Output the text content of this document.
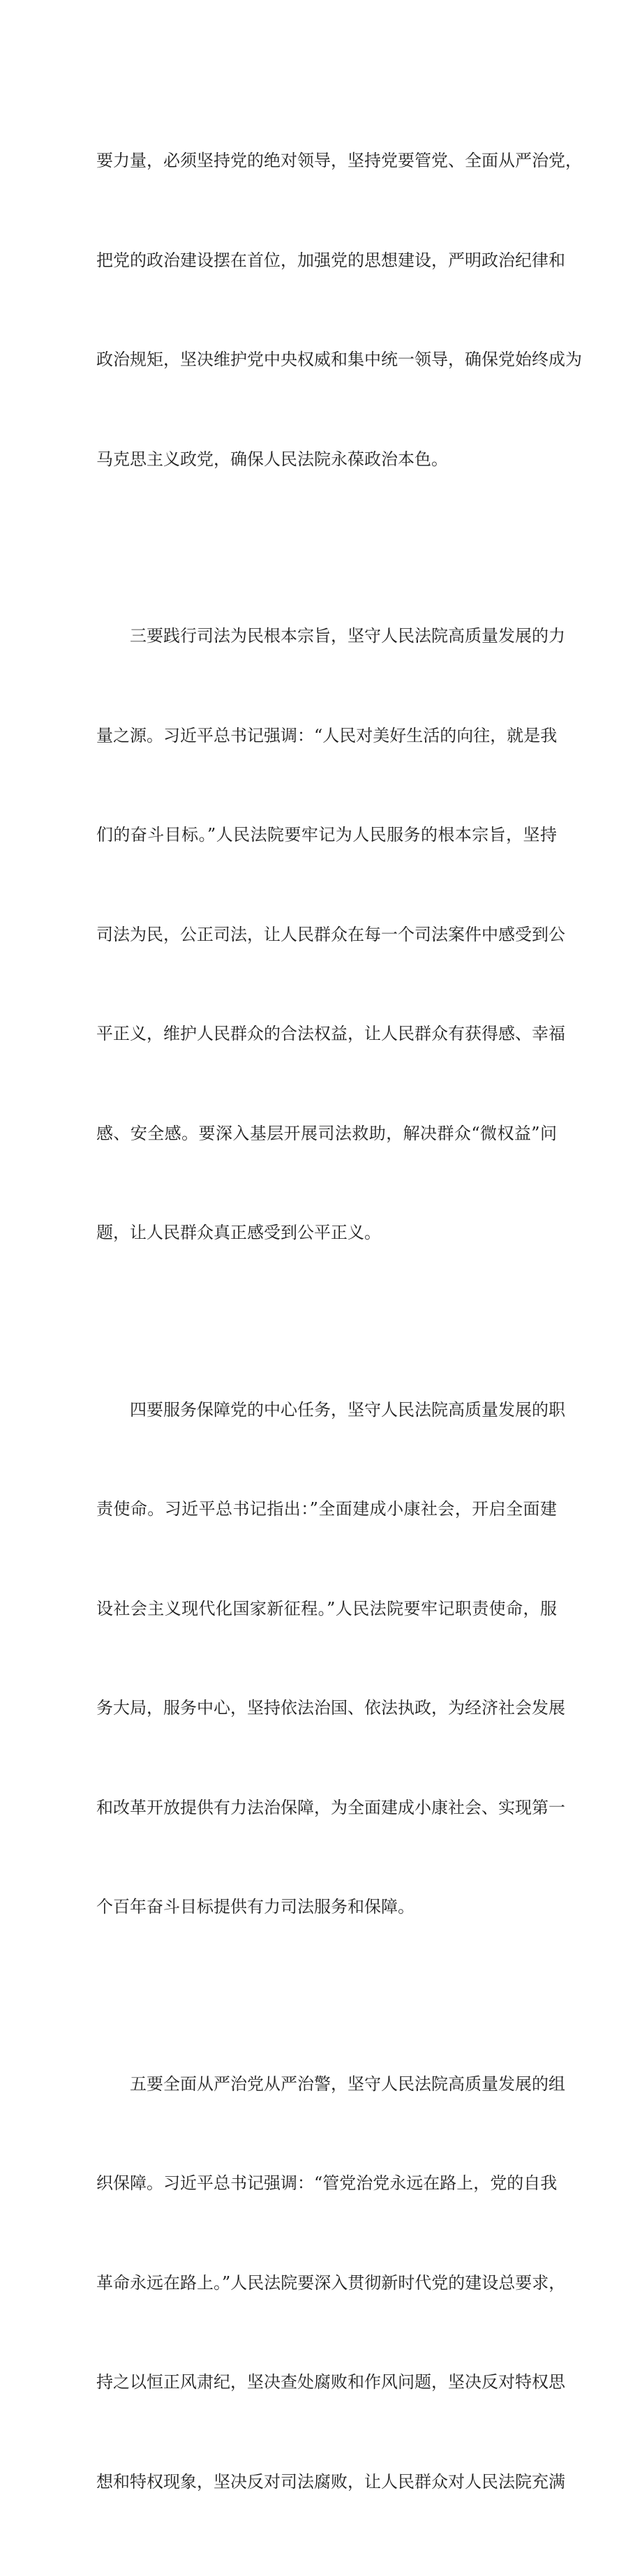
要力量，必须坚持党的绝对领导，坚持党要管党、全面从严治党，

把党的政治建设摆在首位，加强党的思想建设，严明政治纪律和

政治规矩，坚决维护党中央权威和集中统一领导，确保党始终成为

马克思主义政党，确保人民法院永葆政治本色。

　　三要践行司法为民根本宗旨，坚守人民法院高质量发展的力

量之源。习近平总书记强调：“人民对美好生活的向往，就是我

们的奋斗目标。”人民法院要牢记为人民服务的根本宗旨，坚持

司法为民，公正司法，让人民群众在每一个司法案件中感受到公

平正义，维护人民群众的合法权益，让人民群众有获得感、幸福

感、安全感。要深入基层开展司法救助，解决群众“微权益”问

题，让人民群众真正感受到公平正义。

　　四要服务保障党的中心任务，坚守人民法院高质量发展的职

责使命。习近平总书记指出：”全面建成小康社会，开启全面建

设社会主义现代化国家新征程。”人民法院要牢记职责使命，服

务大局，服务中心，坚持依法治国、依法执政，为经济社会发展

和改革开放提供有力法治保障，为全面建成小康社会、实现第一

个百年奋斗目标提供有力司法服务和保障。

　　五要全面从严治党从严治警，坚守人民法院高质量发展的组

织保障。习近平总书记强调：“管党治党永远在路上，党的自我

革命永远在路上。”人民法院要深入贯彻新时代党的建设总要求，

持之以恒正风肃纪，坚决查处腐败和作风问题，坚决反对特权思

想和特权现象，坚决反对司法腐败，让人民群众对人民法院充满
